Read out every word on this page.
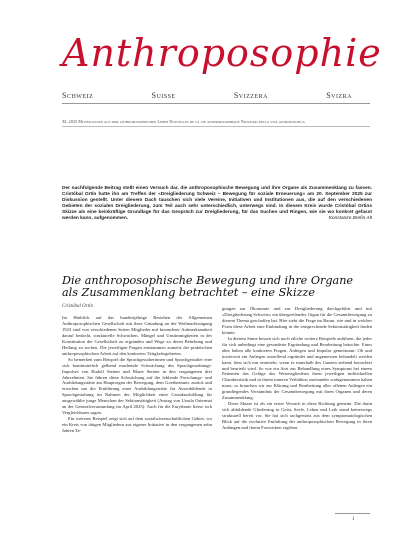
Anthroposophie
Schweiz	Suisse	Svizzera	Svizra
XI–2025 Mitteilungen aus dem anthroposophischen Leben Nouvelles de la vie anthroposophique Notiziari della vita antroposofica
Der nachfolgende Beitrag stellt einen Versuch dar, die anthroposophische Bewegung und ihre Organe als Zusammenklang zu fassen. Cristóbal Ortín hatte ihn am Treffen der «Dreigliederung Schweiz – Bewegung für soziale Erneuerung» am 20. September 2025 zur Diskussion gestellt. Unter diesem Dach tauschen sich viele Vereine, Initiativen und Institutionen aus, die auf den verschiedenen Gebieten der sozialen Dreigliederung, zum Teil auch sehr unterschiedlich, unterwegs sind. In diesem Kreis wurde Cristóbal Ortins Skizze als eine keinkräftige Grundlage für das Gespräch zur Dreigliederung, für das Suchen und Ringen, wie sie wo konkret gefasst werden kann, aufgenommen.	Konstanze Brefin Alt
Die anthroposophische Bewegung und ihre Organe als Zusammenklang betrachtet – eine Skizze
Cristóbal Ortín

Im Hinblick auf das hundertjährige Bestehen der Allgemeinen Anthroposophischen Gesellschaft mit ihrer Gründung an der Weihnachtstagung 1923 sind von verschiedenen Seiten Mitglieder mit besonderer Aufmerksamkeit darauf bedacht, strukturelle Schwächen, Mängel und Unstimmigkeiten in der Konstitution der Gesellschaft zu ergründen und Wege zu deren Behebung und Heilung zu suchen. Die jeweiligen Fragen entstammen zumeist der praktischen anthroposophischen Arbeit auf den konkreten Tätigkeitsgebieten.

So bemerken zum Beispiel die Sprachgestalterinnen und Sprachgestalter eine sich kontinuierlich gelbend machende Schwächung des Sprachgestaltungs-Impulses von Rudolf Steiner und Marie Steiner in den vergangenen drei Jahrzehnten. Sie führen diese Schwächung auf die fehlende Forschungs- und Ausbildungsstätte am Hauptorgan der Bewegung, dem Goetheanum, zurück und ersuchen um die Einführung einer Ausbildungsstätte für Auszubildende in Sprachgestaltung im Rahmen der Möglichkeit einer Grundausbildung für ausgewählte junge Menschen der Sektionstätigkeit (Antrag von Ursula Ostermai an der Generalversammlung im April 2025). Auch für die Eurythmie liesse sich Vergleichbares sagen.

Ein weiteres Beispiel zeigt sich auf dem sozialwissenschaftlichen Gebiet, wo ein Kreis von tätigen Mitgliedern aus eigener Initiative in den vergangenen zehn Jahren Ta-

gungen zur Ökonomie und zur Dreigliederung durchgeführt und mit «Dreigliederung Schweiz» ein übergreifendes Organ für die Gesamtbewegung zu diesem Thema geschaffen hat. Hier steht die Frage im Raum, wie und in welcher Form diese Arbeit eine Einbindung in die entsprechende Sektionstätigkeit finden könnte.

In diesem Sinne bessen sich noch etliche weitere Beispiele anführen, die jedes für sich unbedingt eine gesonderte Ergründung und Bearbeitung bräuchte. Eines aber haben alle konkreten Fragen, Anliegen und Impulse gemeinsam: Ob und inwieweit ein Anliegen zutreffend ergründet und angemessen behandelt werden kann, lässt sich nur ermitteln, wenn es innerhalb des Ganzen stehend betrachtet und beurteilt wird. So wie ein Arzt zur Behandlung eines Symptoms bei einem Patienten das Gefüge des Wesensgliederin ihren jeweiligen individuellen Charakteristik und in ihrem inneren Verhältnis zueinander wahrgenommen haben muss, so brauchen wir zur Klärung und Bearbeitung aller offenen Anliegen ein grundlegendes Verständnis der Gesamtbewegung mit ihren Organen und deren Zusammenklang.

Diese Skizze ist als ein erster Versuch in diese Richtung gemeint. Die darin sich abbildende Gliederung in Geist, Seele, Leben und Leib stand keineswegs strukturell bereit vor. Sie hat sich sachgemäss aus dem symptomatologischen Blick auf die evolutive Entfaltung der anthroposophischen Bewegung in ihren Anfängen und ihrem Fortwirken ergeben.

1
